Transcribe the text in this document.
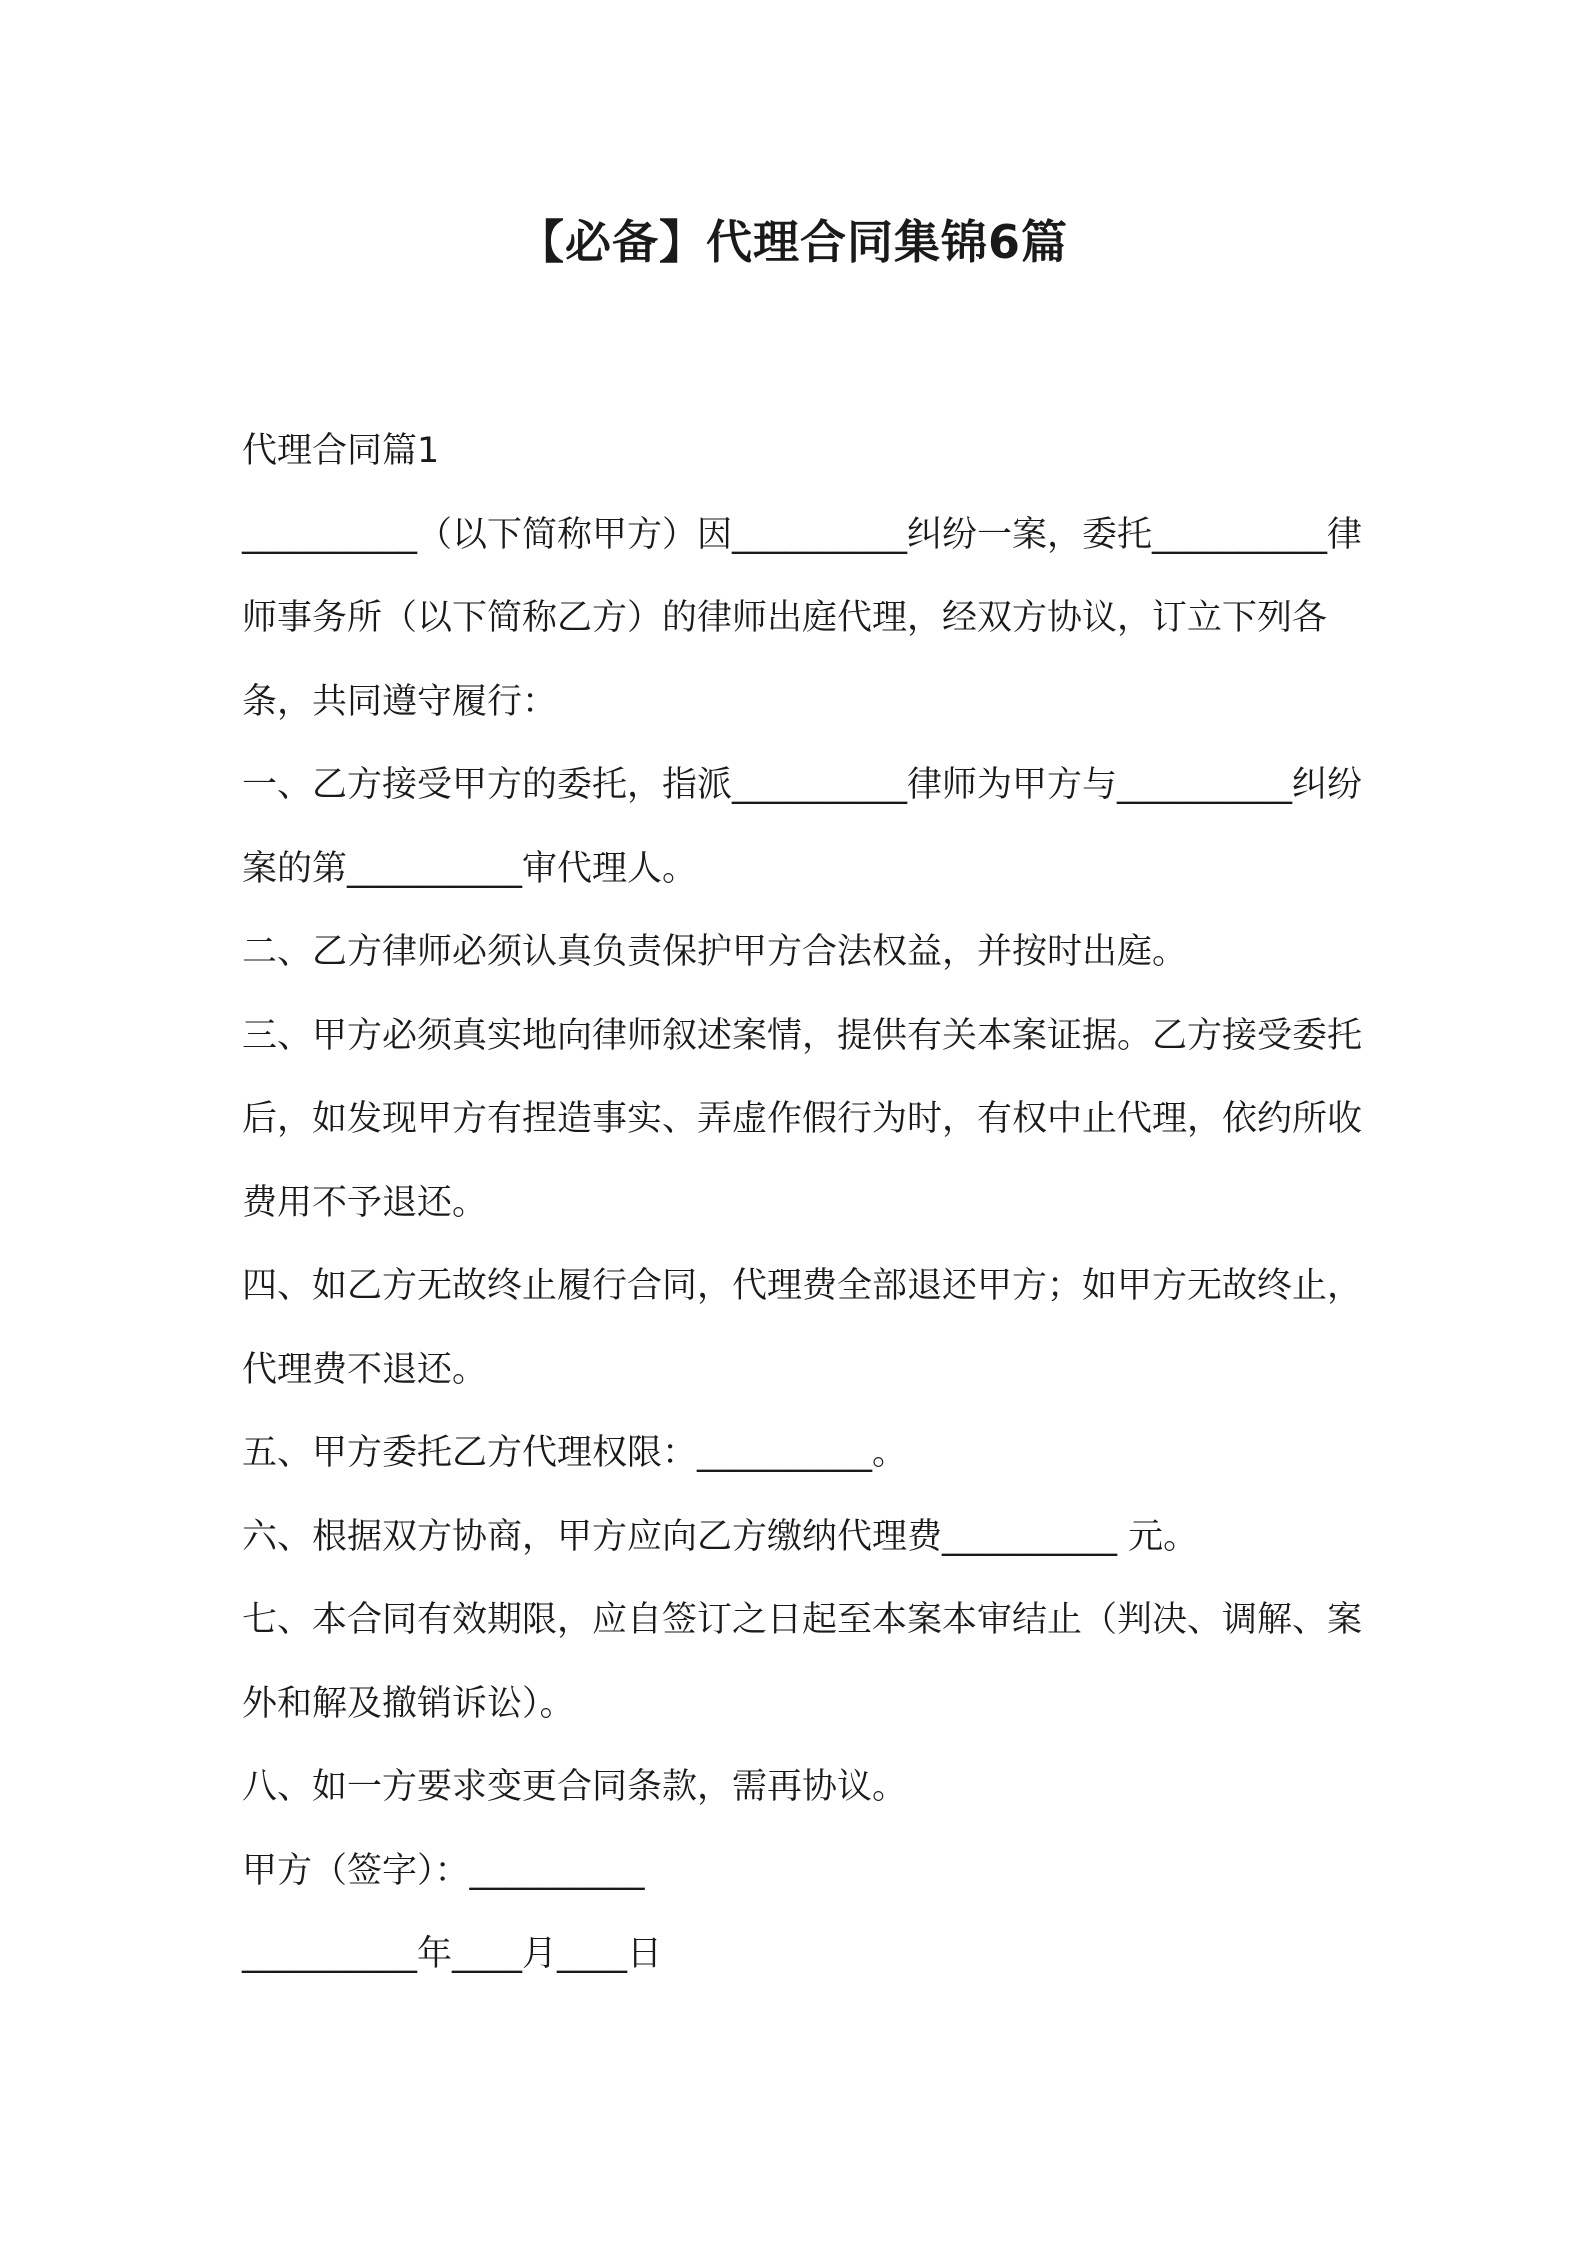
【必备】代理合同集锦6篇

代理合同篇1

__________（以下简称甲方）因__________纠纷一案，委托__________律师事务所（以下简称乙方）的律师出庭代理，经双方协议，订立下列各条，共同遵守履行：

一、乙方接受甲方的委托，指派__________律师为甲方与__________纠纷案的第__________审代理人。

二、乙方律师必须认真负责保护甲方合法权益，并按时出庭。

三、甲方必须真实地向律师叙述案情，提供有关本案证据。乙方接受委托后，如发现甲方有捏造事实、弄虚作假行为时，有权中止代理，依约所收费用不予退还。

四、如乙方无故终止履行合同，代理费全部退还甲方；如甲方无故终止，代理费不退还。

五、甲方委托乙方代理权限：__________。

六、根据双方协商，甲方应向乙方缴纳代理费__________ 元。

七、本合同有效期限，应自签订之日起至本案本审结止（判决、调解、案外和解及撤销诉讼）。

八、如一方要求变更合同条款，需再协议。

甲方（签字）：__________

__________年____月____日
